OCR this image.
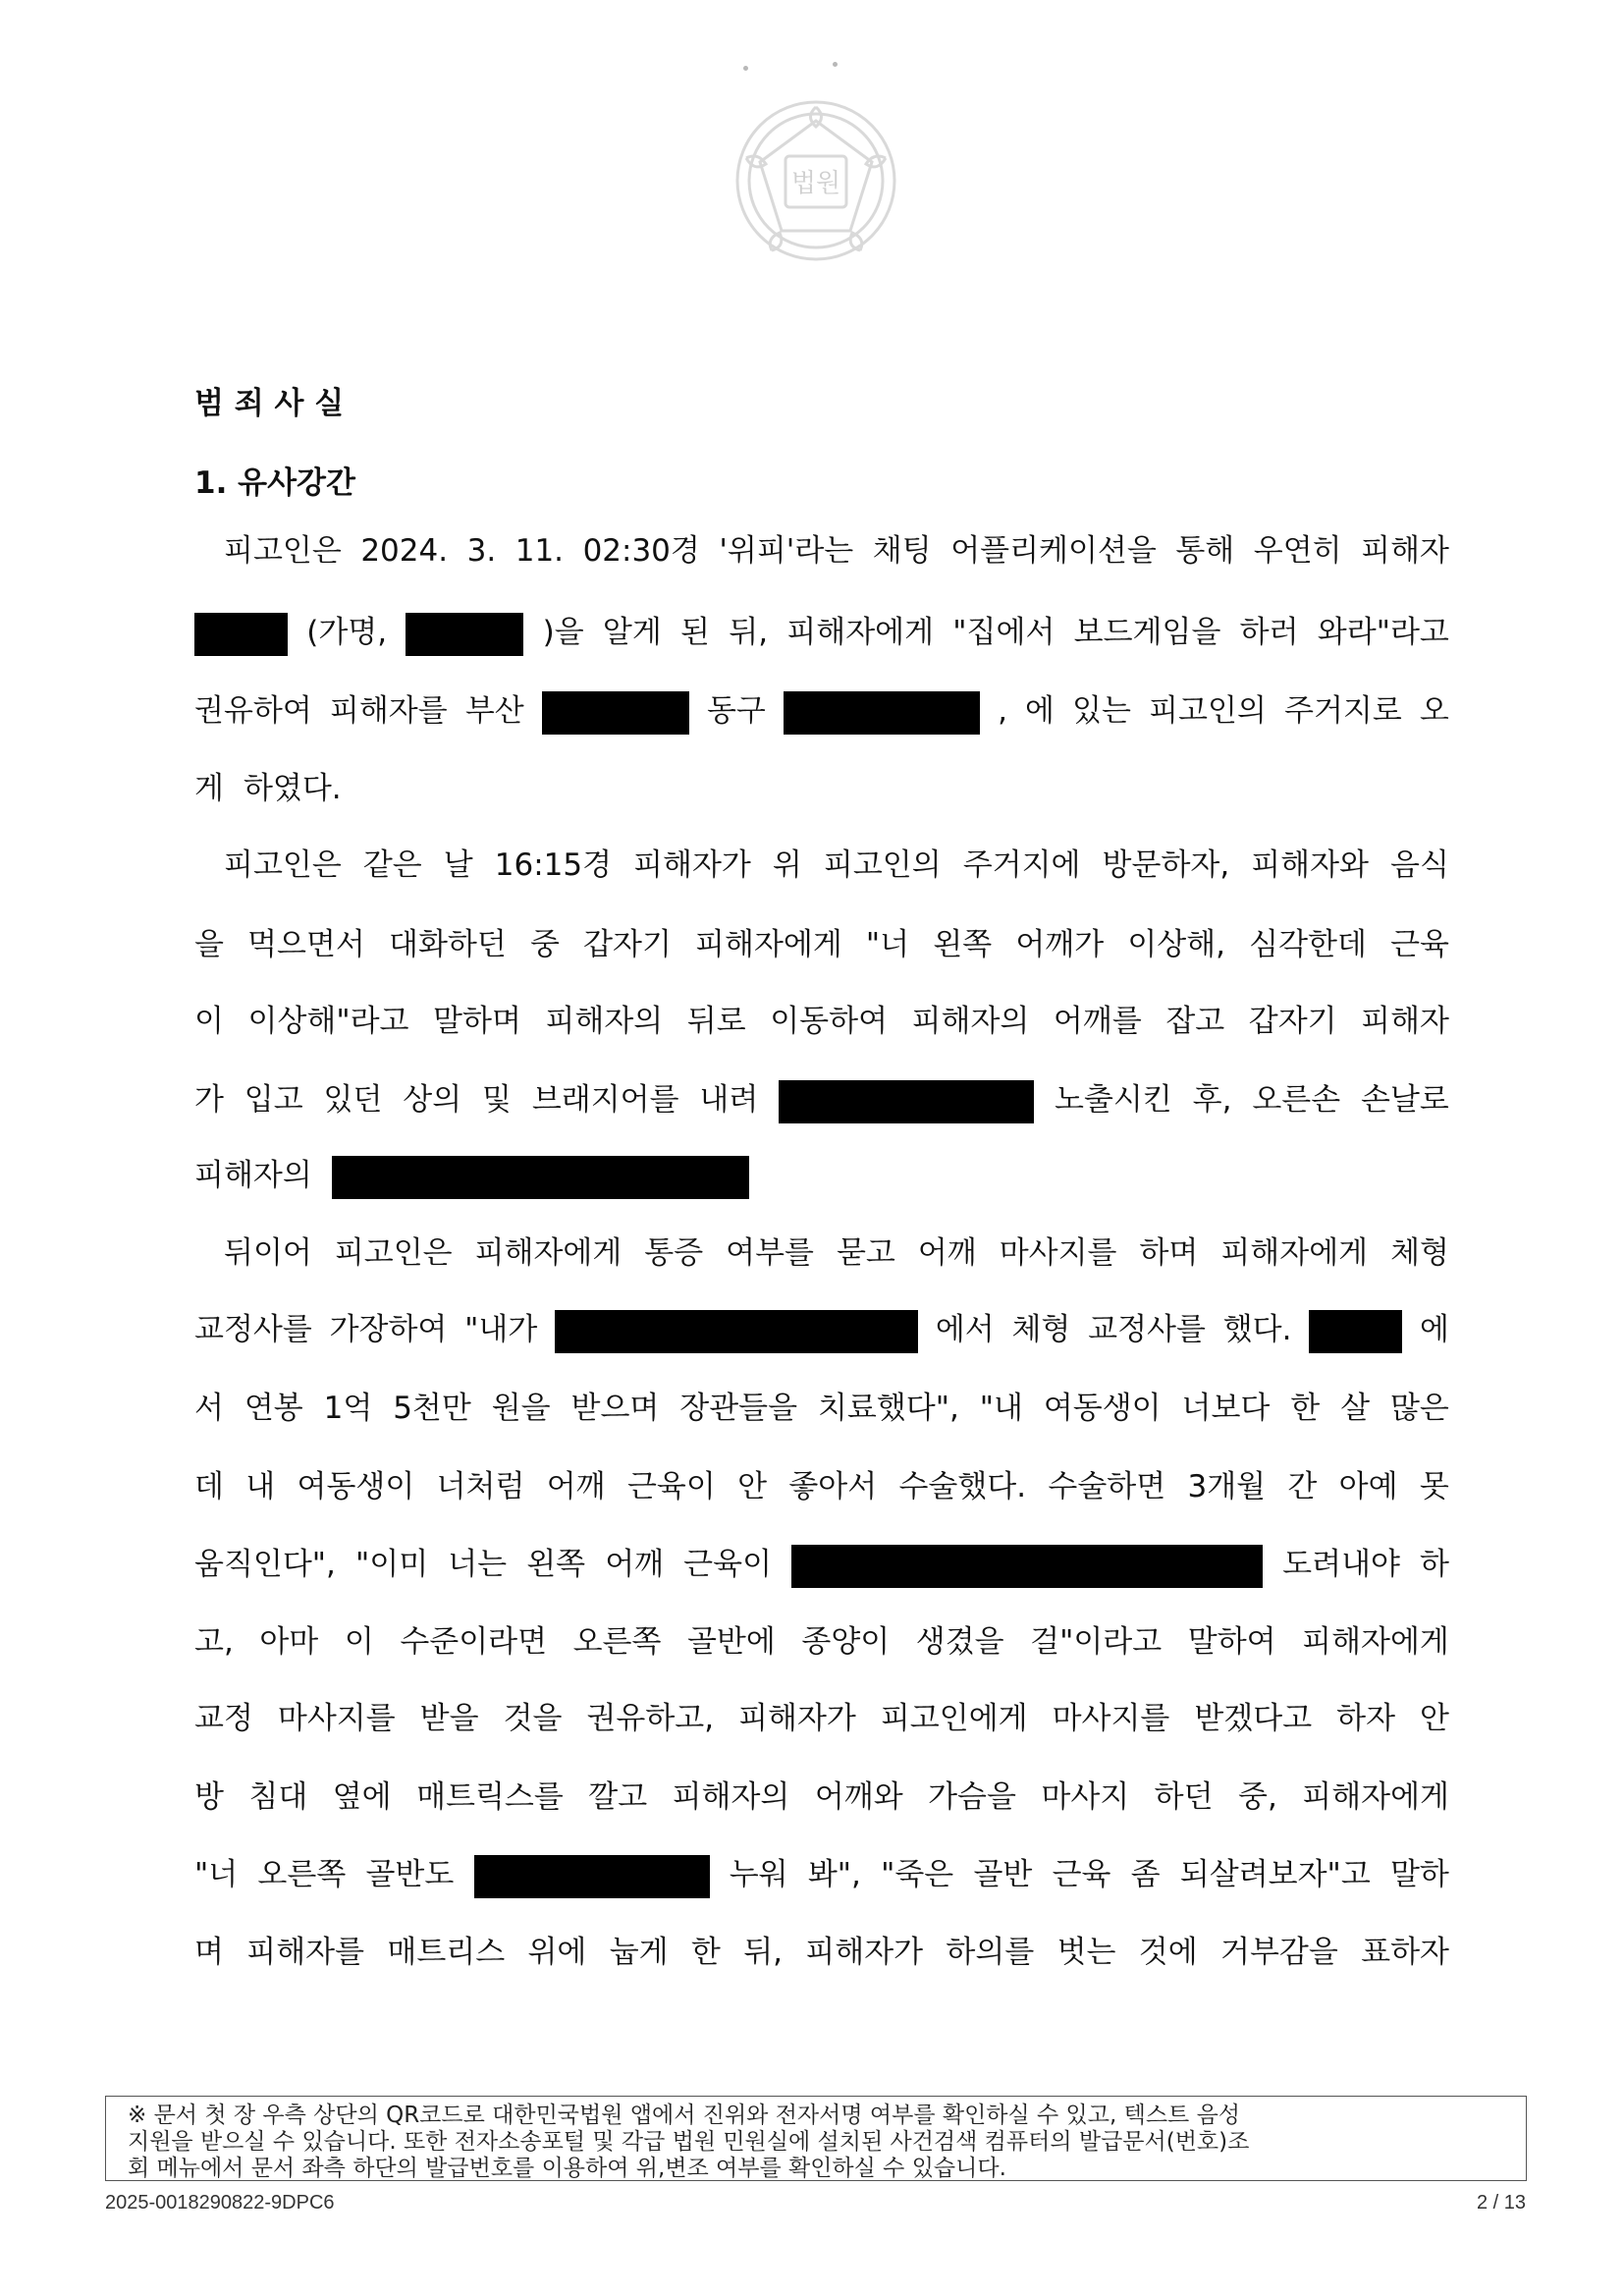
법원
범 죄 사 실
1. 유사강간
피고인은 2024. 3. 11. 02:30경 '위피'라는 채팅 어플리케이션을 통해 우연히 피해자
(가명,	)을 알게 된 뒤, 피해자에게 "집에서 보드게임을 하러 와라"라고
권유하여 피해자를 부산	동구	, 에 있는 피고인의 주거지로 오
게 하였다.
피고인은 같은 날 16:15경 피해자가 위 피고인의 주거지에 방문하자, 피해자와 음식
을 먹으면서 대화하던 중 갑자기 피해자에게 "너 왼쪽 어깨가 이상해, 심각한데 근육
이 이상해"라고 말하며 피해자의 뒤로 이동하여 피해자의 어깨를 잡고 갑자기 피해자
가 입고 있던 상의 및 브래지어를 내려	노출시킨 후, 오른손 손날로
피해자의
뒤이어 피고인은 피해자에게 통증 여부를 묻고 어깨 마사지를 하며 피해자에게 체형
교정사를 가장하여 "내가	에서 체형 교정사를 했다.	에
서 연봉 1억 5천만 원을 받으며 장관들을 치료했다", "내 여동생이 너보다 한 살 많은
데 내 여동생이 너처럼 어깨 근육이 안 좋아서 수술했다. 수술하면 3개월 간 아예 못
움직인다", "이미 너는 왼쪽 어깨 근육이	도려내야 하
고, 아마 이 수준이라면 오른쪽 골반에 종양이 생겼을 걸"이라고 말하여 피해자에게
교정 마사지를 받을 것을 권유하고, 피해자가 피고인에게 마사지를 받겠다고 하자 안
방 침대 옆에 매트릭스를 깔고 피해자의 어깨와 가슴을 마사지 하던 중, 피해자에게
"너 오른쪽 골반도	누워 봐", "죽은 골반 근육 좀 되살려보자"고 말하
며 피해자를 매트리스 위에 눕게 한 뒤, 피해자가 하의를 벗는 것에 거부감을 표하자
※ 문서 첫 장 우측 상단의 QR코드로 대한민국법원 앱에서 진위와 전자서명 여부를 확인하실 수 있고, 텍스트 음성
지원을 받으실 수 있습니다. 또한 전자소송포털 및 각급 법원 민원실에 설치된 사건검색 컴퓨터의 발급문서(번호)조
회 메뉴에서 문서 좌측 하단의 발급번호를 이용하여 위,변조 여부를 확인하실 수 있습니다.
2025-0018290822-9DPC6	2 / 13
